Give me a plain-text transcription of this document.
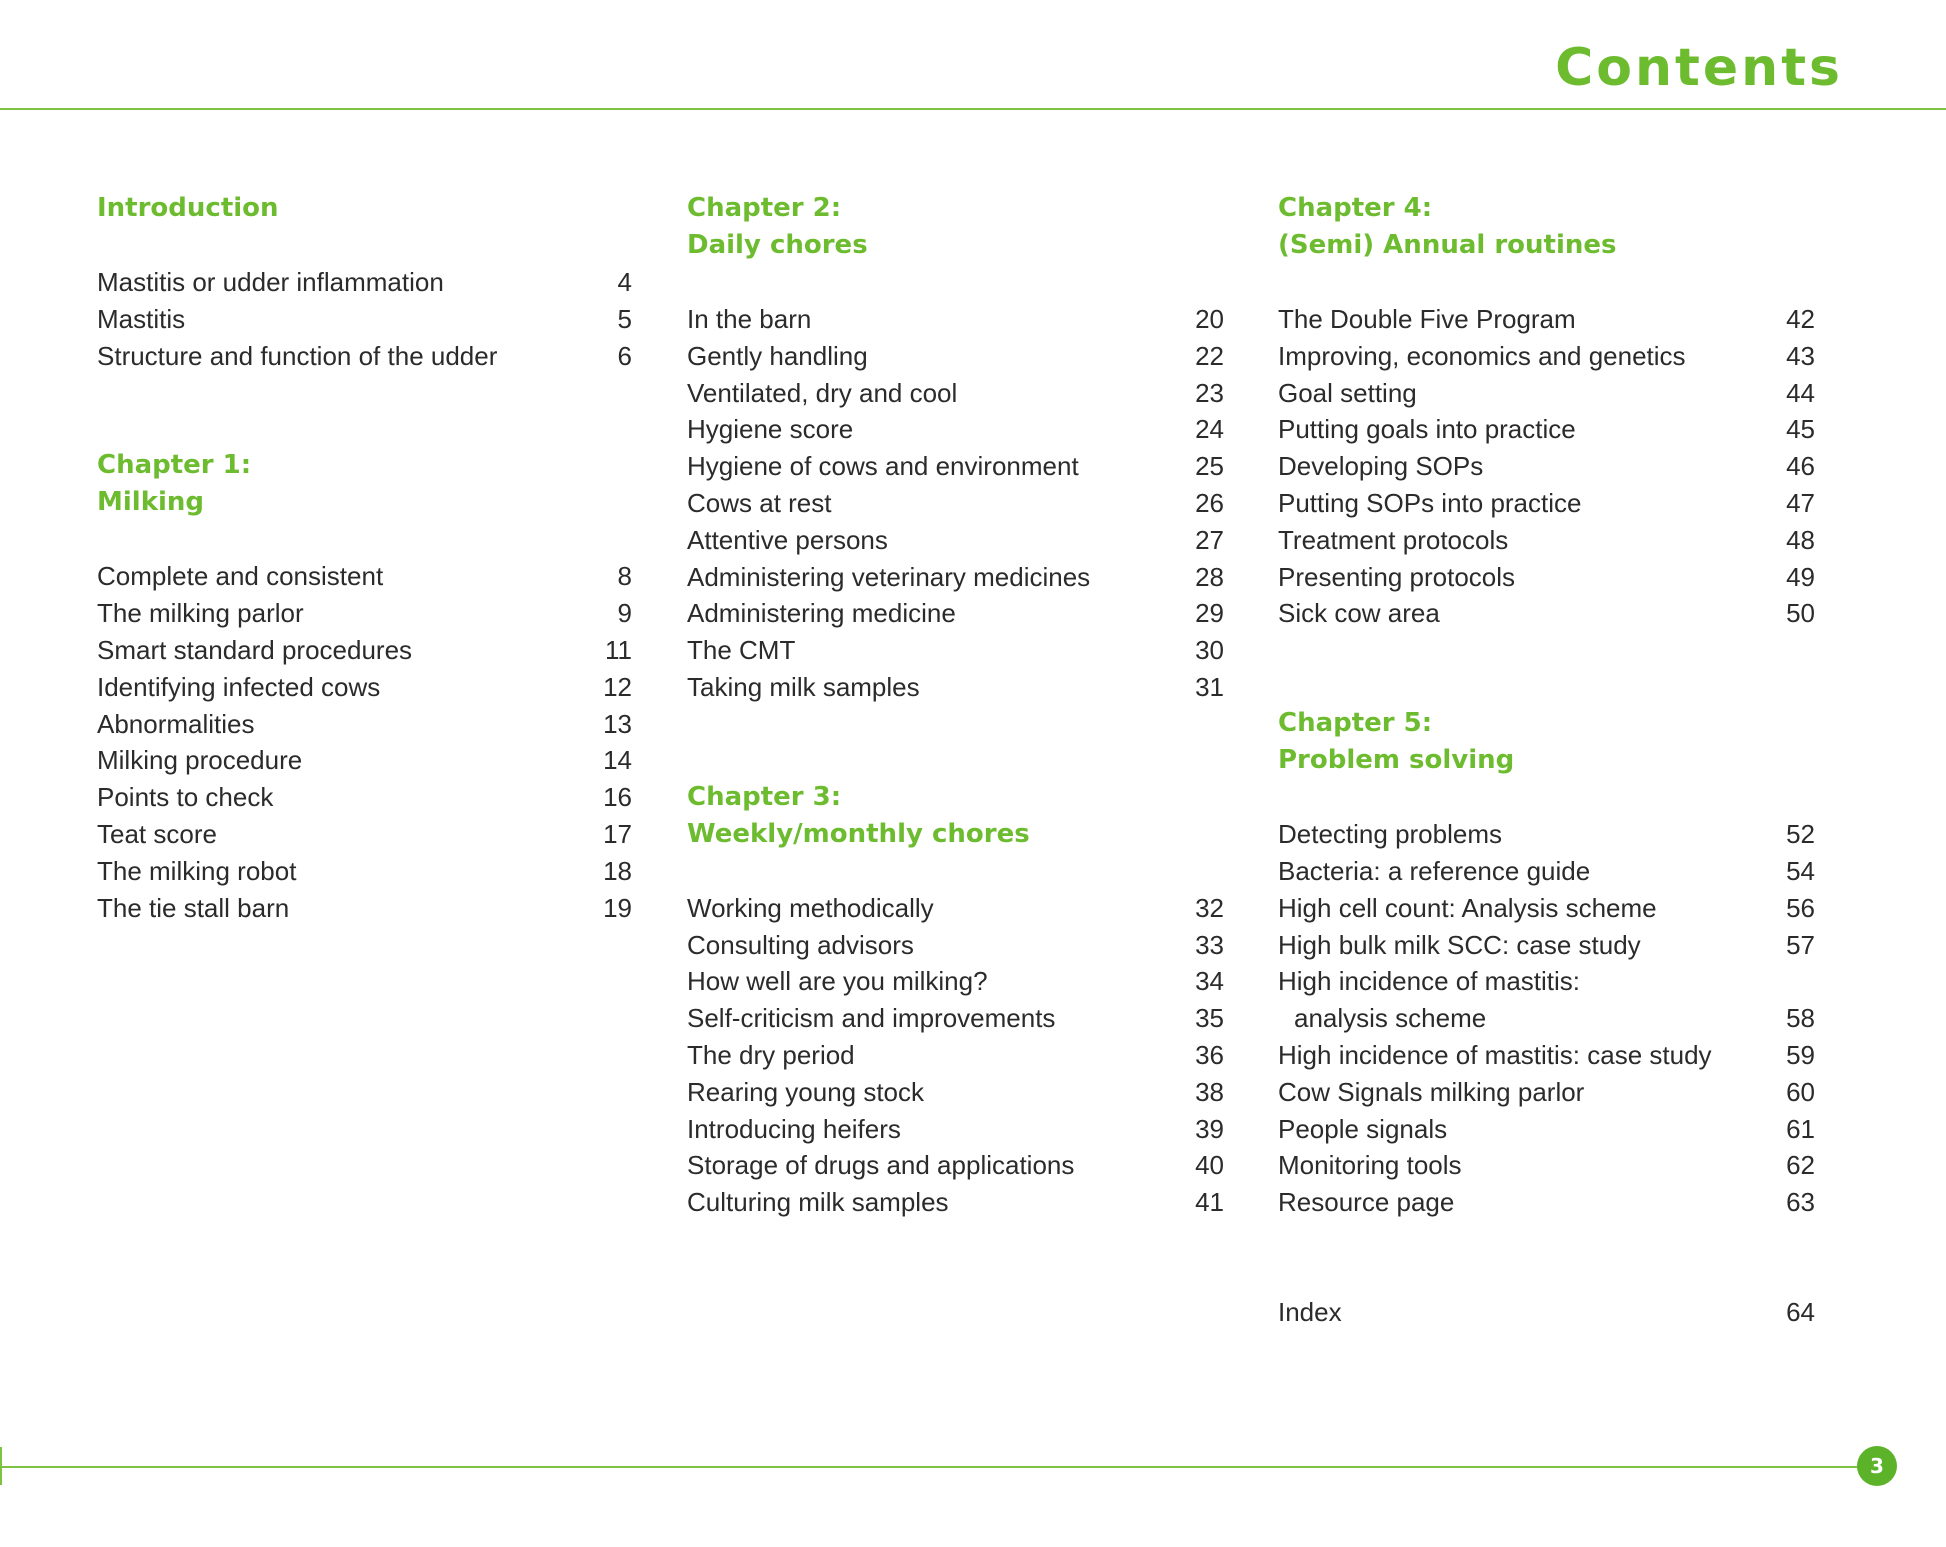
Contents
Introduction
Mastitis or udder inflammation	4
Mastitis	5
Structure and function of the udder	6
Chapter 1:
Milking
Complete and consistent	8
The milking parlor	9
Smart standard procedures	11
Identifying infected cows	12
Abnormalities	13
Milking procedure	14
Points to check	16
Teat score	17
The milking robot	18
The tie stall barn	19
Chapter 2:
Daily chores
In the barn	20
Gently handling	22
Ventilated, dry and cool	23
Hygiene score	24
Hygiene of cows and environment	25
Cows at rest	26
Attentive persons	27
Administering veterinary medicines	28
Administering medicine	29
The CMT	30
Taking milk samples	31
Chapter 3:
Weekly/monthly chores
Working methodically	32
Consulting advisors	33
How well are you milking?	34
Self-criticism and improvements	35
The dry period	36
Rearing young stock	38
Introducing heifers	39
Storage of drugs and applications	40
Culturing milk samples	41
Chapter 4:
(Semi) Annual routines
The Double Five Program	42
Improving, economics and genetics	43
Goal setting	44
Putting goals into practice	45
Developing SOPs	46
Putting SOPs into practice	47
Treatment protocols	48
Presenting protocols	49
Sick cow area	50
Chapter 5:
Problem solving
Detecting problems	52
Bacteria: a reference guide	54
High cell count: Analysis scheme	56
High bulk milk SCC: case study	57
High incidence of mastitis:
analysis scheme	58
High incidence of mastitis: case study	59
Cow Signals milking parlor	60
People signals	61
Monitoring tools	62
Resource page	63
Index	64
3
